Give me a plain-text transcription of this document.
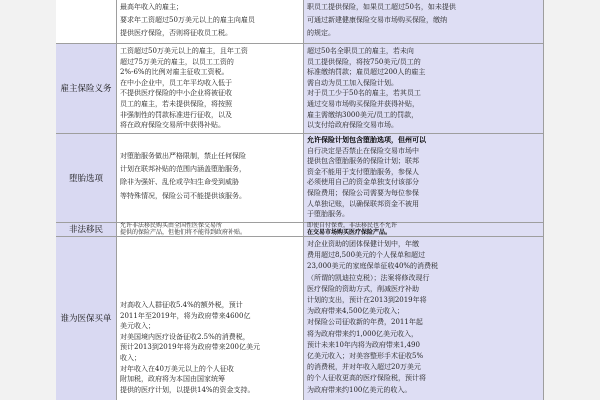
雇主保险义务
堕胎选项
非法移民
谁为医保买单
最高年收入的雇主；
要求年工资超过50万美元以上的雇主向雇员
提供医疗保险，否则将征收员工税。
职员工提供保险，如果员工超过50名，如未提供
可通过新建健康保险交易市场购买保险，缴纳
的规定。
工资超过50万美元以上的雇主，且年工资
超过75万美元的雇主，以员工工资的
2%-6%的比例对雇主征收工资税。
在中小企业中，员工年平均收入低于
不提供医疗保险的中小企业将被征收
员工的雇主，若未提供保险，将按照
非强制性的罚款标准进行征收，以及
将在政府保险交易所中获得补贴。
超过50名全职员工的雇主，若未向
员工提供保险，将按750美元/员工的
标准缴纳罚款；雇员超过200人的雇主
需自动为员工加入保险计划。
对于员工少于50名的雇主，若其员工
通过交易市场购买保险并获得补贴，
雇主需缴纳3000美元/员工的罚款，
以支付给政府保险交易市场。
对堕胎服务做出严格限制，禁止任何保险
计划在联邦补贴的范围内涵盖堕胎服务，
除非为强奸、乱伦或孕妇生命受到威胁
等特殊情况，保险公司不能提供该服务。
允许保险计划包含堕胎选项，但州可以
自行决定是否禁止在保险交易市场中
提供包含堕胎服务的保险计划；联邦
资金不能用于支付堕胎服务，参保人
必须使用自己的资金单独支付该部分
保险费用；保险公司需要为每位参保
人单独记账，以确保联邦资金不被用
于堕胎服务。
允许非法移民购买由全国性医保交易所
提供的保险产品，但他们将不能得到政府补贴。
即使自付保费，非法移民也不允许
在交易市场购买医疗保险产品。
对高收入人群征收5.4%的额外税，预计
2011年至2019年，将为政府带来4600亿
美元收入；
对美国境内医疗设备征收2.5%的消费税，
预计2013到2019年将为政府带来200亿美元
收入；
对年收入在40万美元以上的个人征收
附加税，政府将为本国由国家统筹
提供的医疗计划，以提供14%的资金支持。
对企业资助的团体保健计划中，年缴
费用超过8,500美元的个人保单和超过
23,000美元的家庭保单征收40%的消费税
（所谓的凯迪拉克税）；法案将修改现行
医疗保险的资助方式，削减医疗补助
计划的支出，预计在2013到2019年将
为政府带来4,500亿美元收入；
对保险公司征收新的年费，2011年起
将为政府带来约1,000亿美元收入，
预计未来10年内将为政府带来1,490
亿美元收入；对美容整形手术征收5%
的消费税，并对年收入超过20万美元
的个人征收更高的医疗保险税，预计将
为政府带来约100亿美元的收入。
